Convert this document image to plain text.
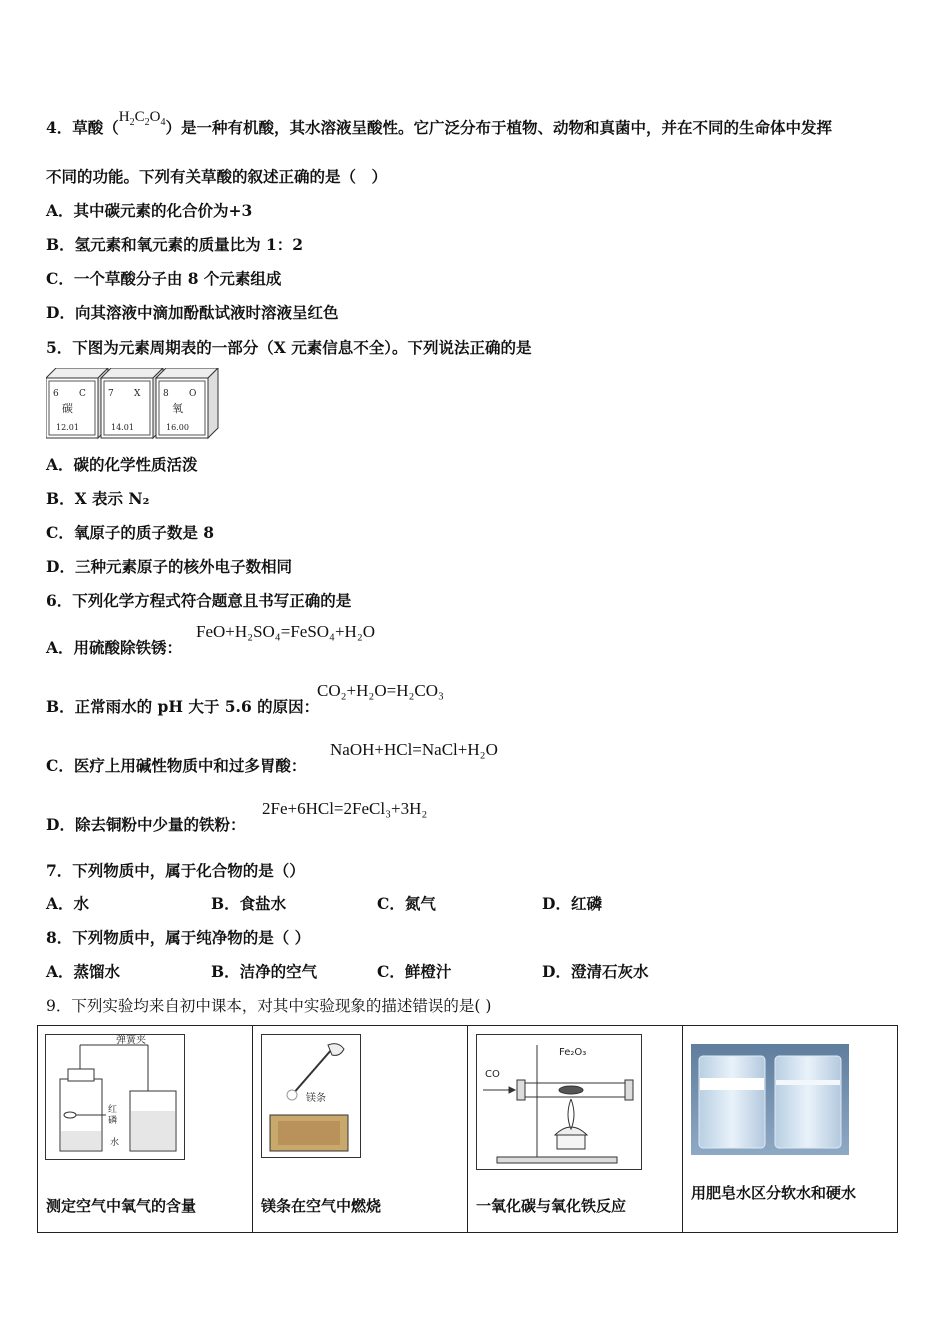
4．草酸$(H_2C_2O_4)$是一种有机酸，其水溶液呈酸性。它广泛分布于植物、动物和真菌中，并在不同的生命体中发挥
不同的功能。下列有关草酸的叙述正确的是（　）
A．其中碳元素的化合价为+3
B．氢元素和氧元素的质量比为 1：2
C．一个草酸分子由 8 个元素组成
D．向其溶液中滴加酚酞试液时溶液呈红色
5．下图为元素周期表的一部分（X 元素信息不全）。下列说法正确的是
6 C
碳
12.01
7 X
14.01
8 O
氧
16.00
A．碳的化学性质活泼
B．X 表示 N₂
C．氧原子的质子数是 8
D．三种元素原子的核外电子数相同
6．下列化学方程式符合题意且书写正确的是
A．用硫酸除铁锈：
FeO+H₂SO₄=FeSO₄+H₂O
B．正常雨水的 pH 大于 5.6 的原因：
CO₂+H₂O=H₂CO₃
C．医疗上用碱性物质中和过多胃酸：
NaOH+HCl=NaCl+H₂O
D．除去铜粉中少量的铁粉：
2Fe+6HCl=2FeCl₃+3H₂
7．下列物质中，属于化合物的是（）
A．水	B．食盐水	C．氮气	D．红磷
8．下列物质中，属于纯净物的是（ ）
A．蒸馏水	B．洁净的空气	C．鲜橙汁	D．澄清石灰水
9．下列实验均来自初中课本，对其中实验现象的描述错误的是( )
弹簧夹
红
磷
水
测定空气中氧气的含量

镁条
镁条在空气中燃烧

CO
Fe₂O₃
一氧化碳与氧化铁反应

用肥皂水区分软水和硬水
